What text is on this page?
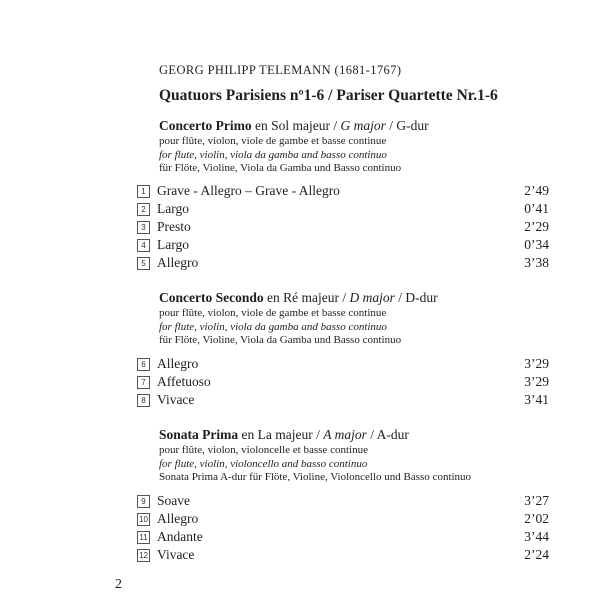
GEORG PHILIPP TELEMANN (1681-1767)
Quatuors Parisiens nº1-6 / Pariser Quartette Nr.1-6
Concerto Primo en Sol majeur / G major / G-dur
pour flûte, violon, viole de gambe et basse continue
for flute, violin, viola da gamba and basso continuo
für Flöte, Violine, Viola da Gamba und Basso continuo
1 Grave - Allegro – Grave - Allegro	2’49
2 Largo	0’41
3 Presto	2’29
4 Largo	0’34
5 Allegro	3’38
Concerto Secondo en Ré majeur / D major / D-dur
pour flûte, violon, viole de gambe et basse continue
for flute, violin, viola da gamba and basso continuo
für Flöte, Violine, Viola da Gamba und Basso continuo
6 Allegro	3’29
7 Affetuoso	3’29
8 Vivace	3’41
Sonata Prima en La majeur / A major / A-dur
pour flûte, violon, violoncelle et basse continue
for flute, violin, violoncello and basso continuo
Sonata Prima A-dur für Flöte, Violine, Violoncello und Basso continuo
9 Soave	3’27
10 Allegro	2’02
11 Andante	3’44
12 Vivace	2’24
2
